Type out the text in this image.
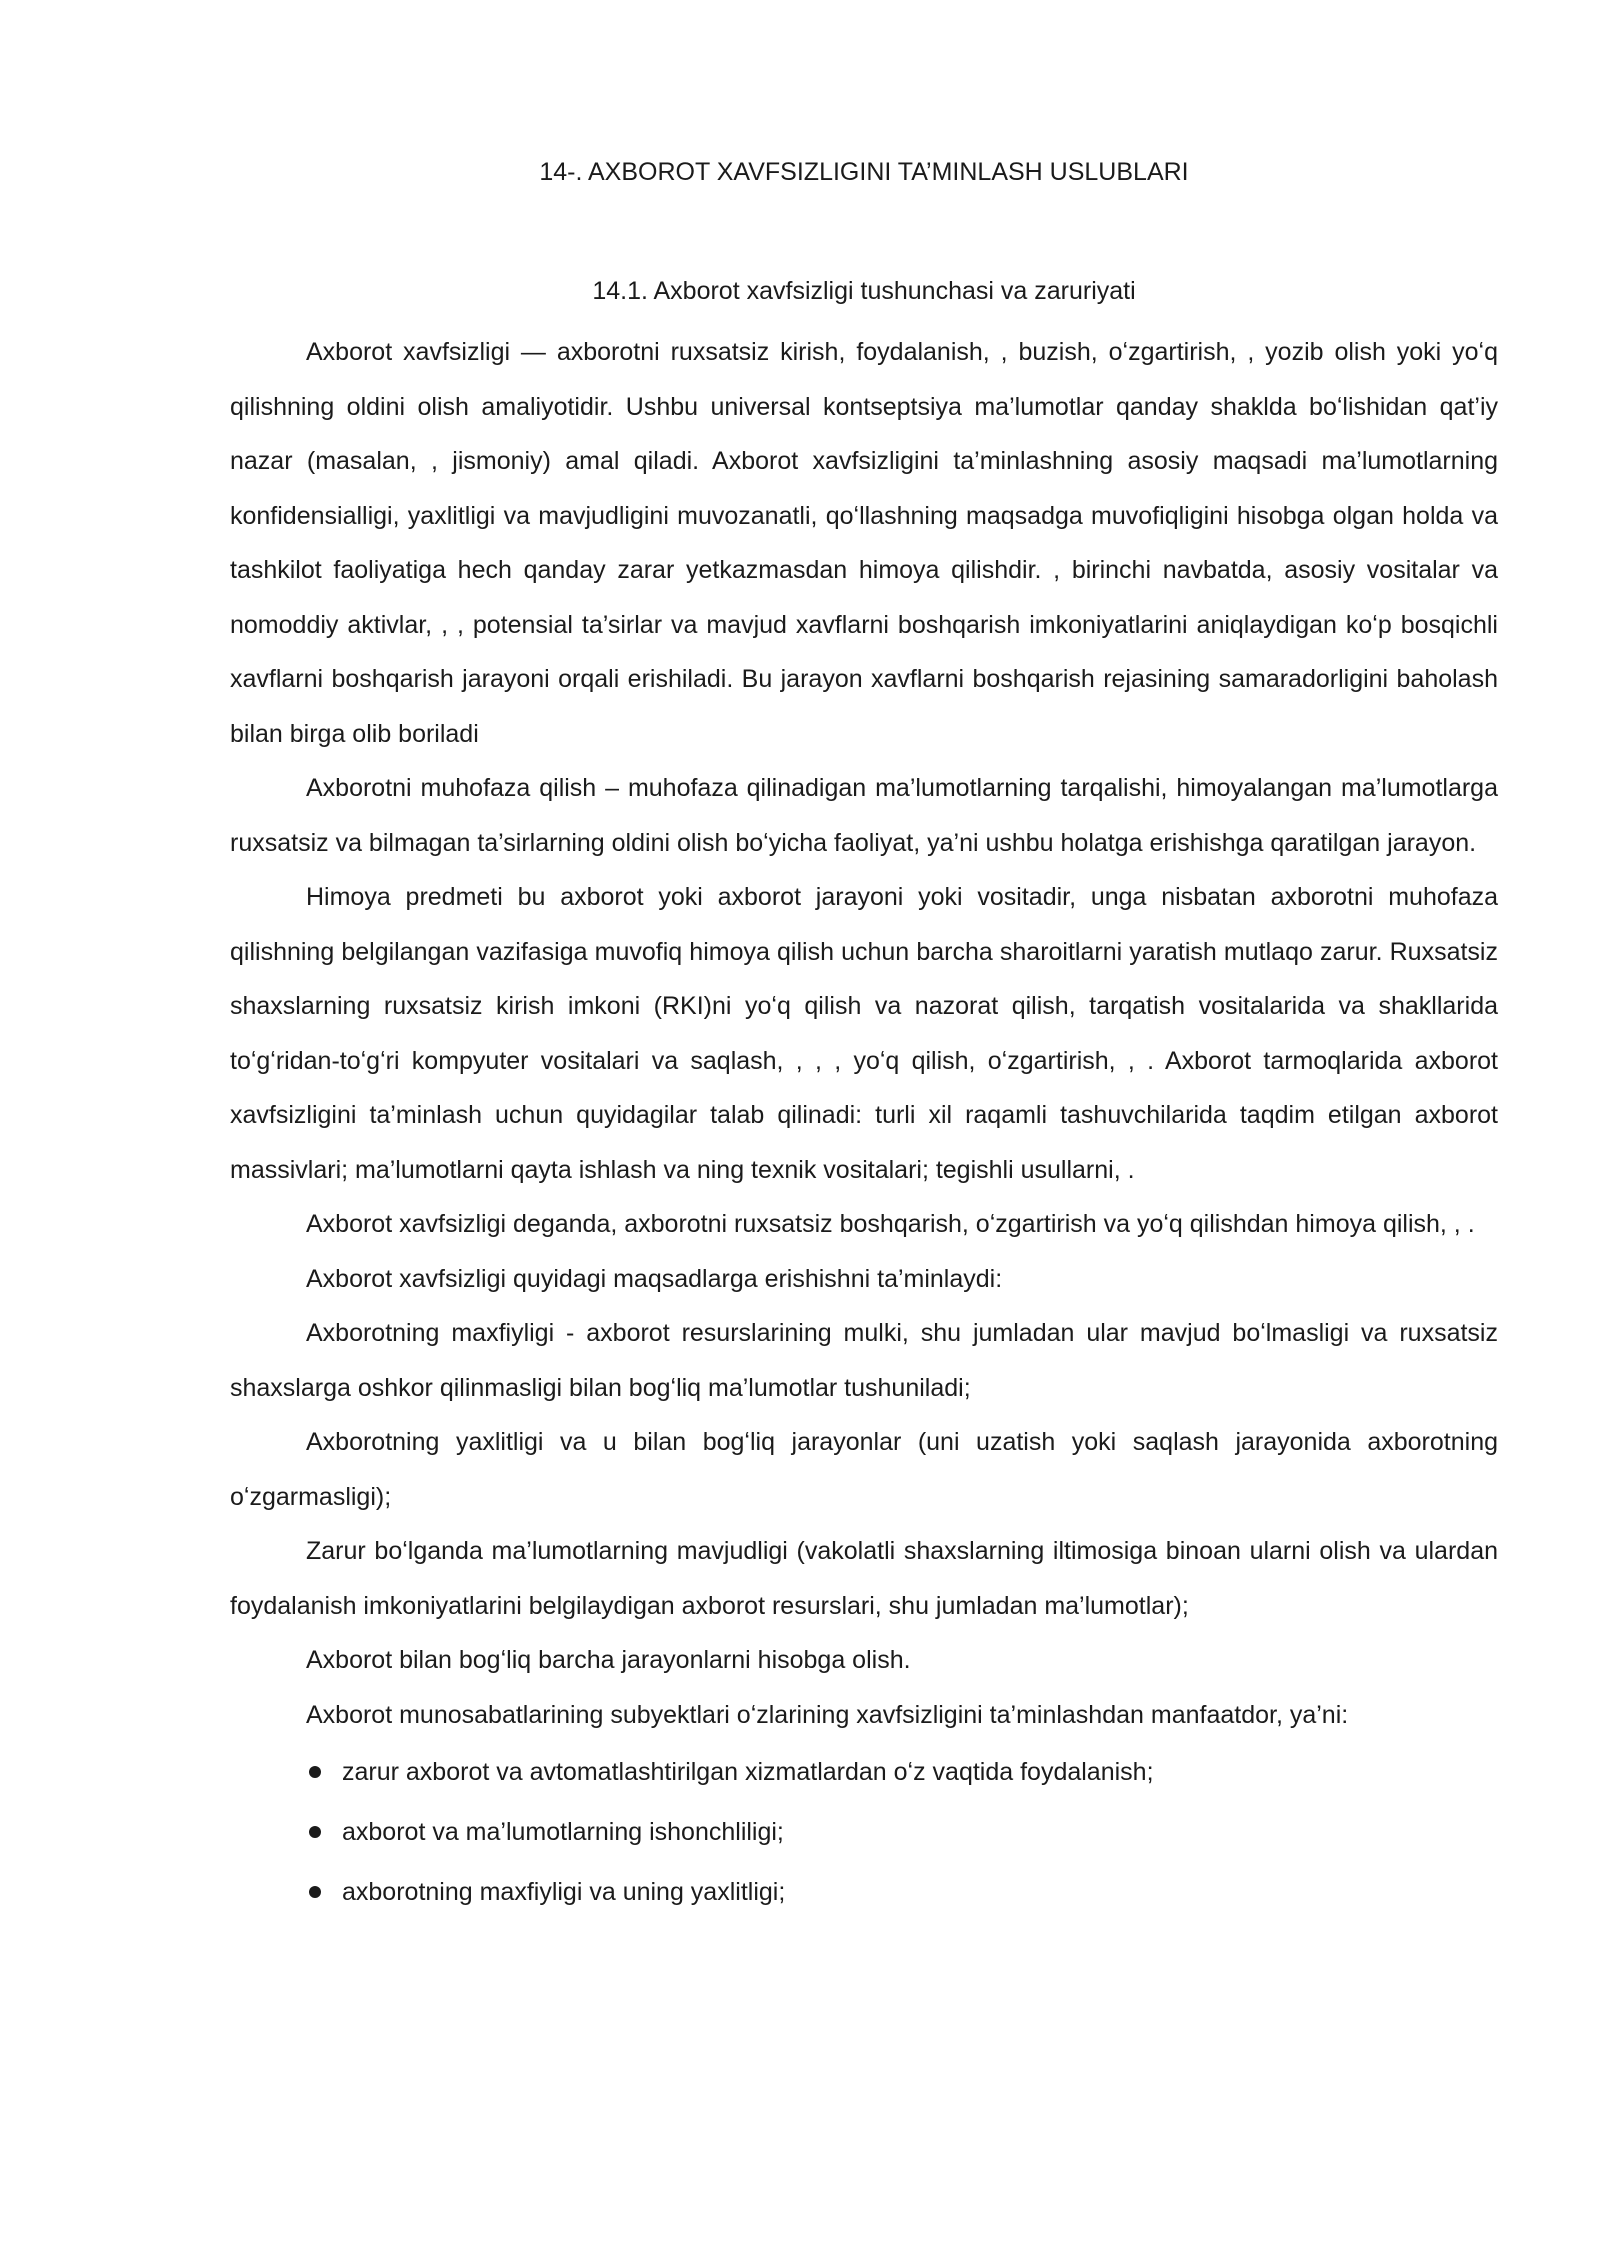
14-. AXBOROT XAVFSIZLIGINI TA’MINLASH USLUBLARI
14.1. Axborot xavfsizligi tushunchasi va zaruriyati

Axborot xavfsizligi — axborotni ruxsatsiz kirish, foydalanish, , buzish, oʻzgartirish, , yozib olish yoki yoʻq qilishning oldini olish amaliyotidir. Ushbu universal kontseptsiya ma’lumotlar qanday shaklda boʻlishidan qat’iy nazar (masalan, , jismoniy) amal qiladi. Axborot xavfsizligini ta’minlashning asosiy maqsadi ma’lumotlarning konfidensialligi, yaxlitligi va mavjudligini muvozanatli, qoʻllashning maqsadga muvofiqligini hisobga olgan holda va tashkilot faoliyatiga hech qanday zarar yetkazmasdan himoya qilishdir. , birinchi navbatda, asosiy vositalar va nomoddiy aktivlar, , , potensial ta’sirlar va mavjud xavflarni boshqarish imkoniyatlarini aniqlaydigan koʻp bosqichli xavflarni boshqarish jarayoni orqali erishiladi. Bu jarayon xavflarni boshqarish rejasining samaradorligini baholash bilan birga olib boriladi

Axborotni muhofaza qilish – muhofaza qilinadigan ma’lumotlarning tarqalishi, himoyalangan ma’lumotlarga ruxsatsiz va bilmagan ta’sirlarning oldini olish boʻyicha faoliyat, ya’ni ushbu holatga erishishga qaratilgan jarayon.

Himoya predmeti bu axborot yoki axborot jarayoni yoki vositadir, unga nisbatan axborotni muhofaza qilishning belgilangan vazifasiga muvofiq himoya qilish uchun barcha sharoitlarni yaratish mutlaqo zarur. Ruxsatsiz shaxslarning ruxsatsiz kirish imkoni (RKI)ni yoʻq qilish va nazorat qilish, tarqatish vositalarida va shakllarida toʻgʻridan-toʻgʻri kompyuter vositalari va saqlash, , , , yoʻq qilish, oʻzgartirish, , . Axborot tarmoqlarida axborot xavfsizligini ta’minlash uchun quyidagilar talab qilinadi: turli xil raqamli tashuvchilarida taqdim etilgan axborot massivlari; ma’lumotlarni qayta ishlash va ning texnik vositalari; tegishli usullarni, .

Axborot xavfsizligi deganda, axborotni ruxsatsiz boshqarish, oʻzgartirish va yoʻq qilishdan himoya qilish, , .

Axborot xavfsizligi quyidagi maqsadlarga erishishni ta’minlaydi:

Axborotning maxfiyligi - axborot resurslarining mulki, shu jumladan ular mavjud boʻlmasligi va ruxsatsiz shaxslarga oshkor qilinmasligi bilan bogʻliq ma’lumotlar tushuniladi;

Axborotning yaxlitligi va u bilan bogʻliq jarayonlar (uni uzatish yoki saqlash jarayonida axborotning oʻzgarmasligi);

Zarur boʻlganda ma’lumotlarning mavjudligi (vakolatli shaxslarning iltimosiga binoan ularni olish va ulardan foydalanish imkoniyatlarini belgilaydigan axborot resurslari, shu jumladan ma’lumotlar);

Axborot bilan bogʻliq barcha jarayonlarni hisobga olish.

Axborot munosabatlarining subyektlari oʻzlarining xavfsizligini ta’minlashdan manfaatdor, ya’ni:

zarur axborot va avtomatlashtirilgan xizmatlardan oʻz vaqtida foydalanish;
axborot va ma’lumotlarning ishonchliligi;
axborotning maxfiyligi va uning yaxlitligi;
